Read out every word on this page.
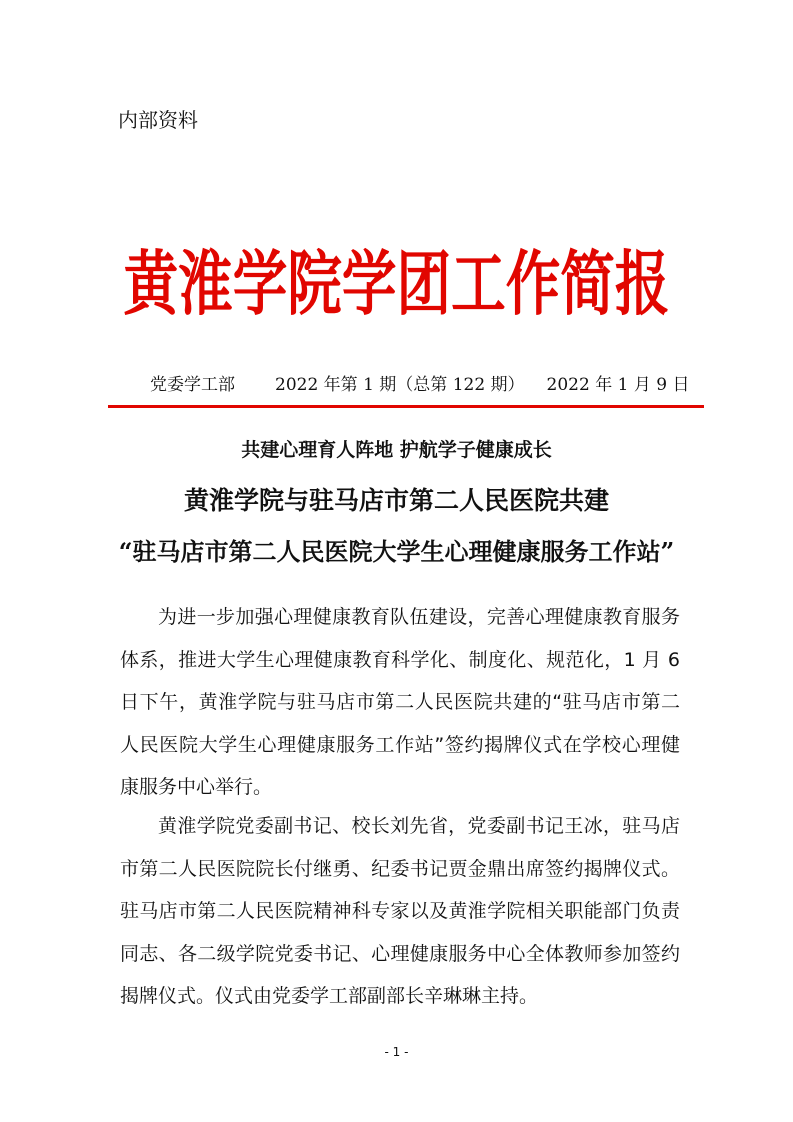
内部资料
黄淮学院学团工作简报
党委学工部 2022 年第 1 期（总第 122 期） 2022 年 1 月 9 日
共建心理育人阵地 护航学子健康成长
黄淮学院与驻马店市第二人民医院共建
“驻马店市第二人民医院大学生心理健康服务工作站”

为进一步加强心理健康教育队伍建设，完善心理健康教育服务体系，推进大学生心理健康教育科学化、制度化、规范化，1 月 6 日下午，黄淮学院与驻马店市第二人民医院共建的“驻马店市第二人民医院大学生心理健康服务工作站”签约揭牌仪式在学校心理健康服务中心举行。

黄淮学院党委副书记、校长刘先省，党委副书记王冰，驻马店市第二人民医院院长付继勇、纪委书记贾金鼎出席签约揭牌仪式。驻马店市第二人民医院精神科专家以及黄淮学院相关职能部门负责同志、各二级学院党委书记、心理健康服务中心全体教师参加签约揭牌仪式。仪式由党委学工部副部长辛琳琳主持。

- 1 -
